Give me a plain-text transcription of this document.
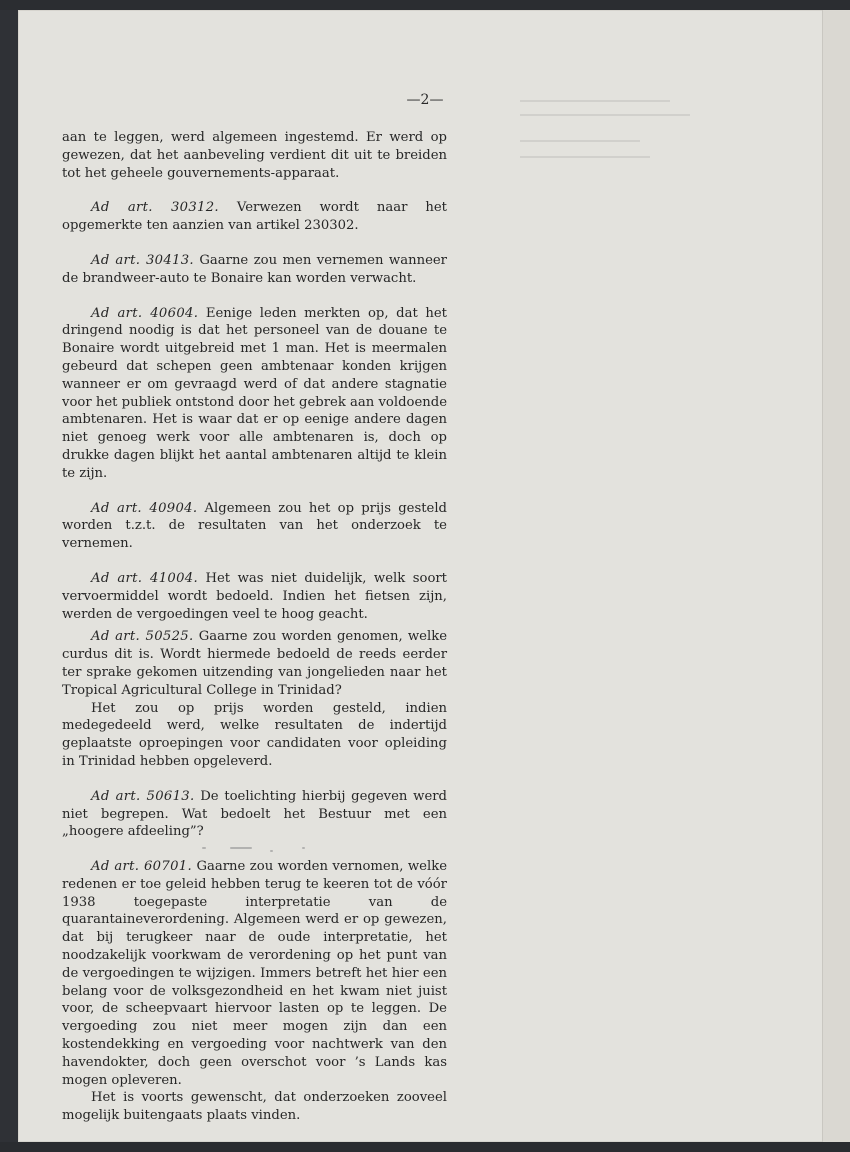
—2—

aan te leggen, werd algemeen ingestemd. Er werd op gewezen, dat het aanbeveling verdient dit uit te breiden tot het geheele gouvernements-apparaat.

Ad art. 30312. Verwezen wordt naar het opgemerkte ten aanzien van artikel 230302.

Ad art. 30413. Gaarne zou men vernemen wanneer de brandweer-auto te Bonaire kan worden verwacht.

Ad art. 40604. Eenige leden merkten op, dat het dringend noodig is dat het personeel van de douane te Bonaire wordt uitgebreid met 1 man. Het is meermalen gebeurd dat schepen geen ambtenaar konden krijgen wanneer er om gevraagd werd of dat andere stagnatie voor het publiek ontstond door het gebrek aan voldoende ambtenaren. Het is waar dat er op eenige andere dagen niet genoeg werk voor alle ambtenaren is, doch op drukke dagen blijkt het aantal ambtenaren altijd te klein te zijn.

Ad art. 40904. Algemeen zou het op prijs gesteld worden t.z.t. de resultaten van het onderzoek te vernemen.

Ad art. 41004. Het was niet duidelijk, welk soort vervoermiddel wordt bedoeld. Indien het fietsen zijn, werden de vergoedingen veel te hoog geacht.

Ad art. 50525. Gaarne zou worden genomen, welke curdus dit is. Wordt hiermede bedoeld de reeds eerder ter sprake gekomen uitzending van jongelieden naar het Tropical Agricultural College in Trinidad?

Het zou op prijs worden gesteld, indien medegedeeld werd, welke resultaten de indertijd geplaatste oproepingen voor candidaten voor opleiding in Trinidad hebben opgeleverd.

Ad art. 50613. De toelichting hierbij gegeven werd niet begrepen. Wat bedoelt het Bestuur met een „hoogere afdeeling”?

Ad art. 60701. Gaarne zou worden vernomen, welke redenen er toe geleid hebben terug te keeren tot de vóór 1938 toegepaste interpretatie van de quarantaineverordening. Algemeen werd er op gewezen, dat bij terugkeer naar de oude interpretatie, het noodzakelijk voorkwam de verordening op het punt van de vergoedingen te wijzigen. Immers betreft het hier een belang voor de volksgezondheid en het kwam niet juist voor, de scheepvaart hiervoor lasten op te leggen. De vergoeding zou niet meer mogen zijn dan een kostendekking en vergoeding voor nachtwerk van den havendokter, doch geen overschot voor ’s Lands kas mogen opleveren.

Het is voorts gewenscht, dat onderzoeken zooveel mogelijk buitengaats plaats vinden.
